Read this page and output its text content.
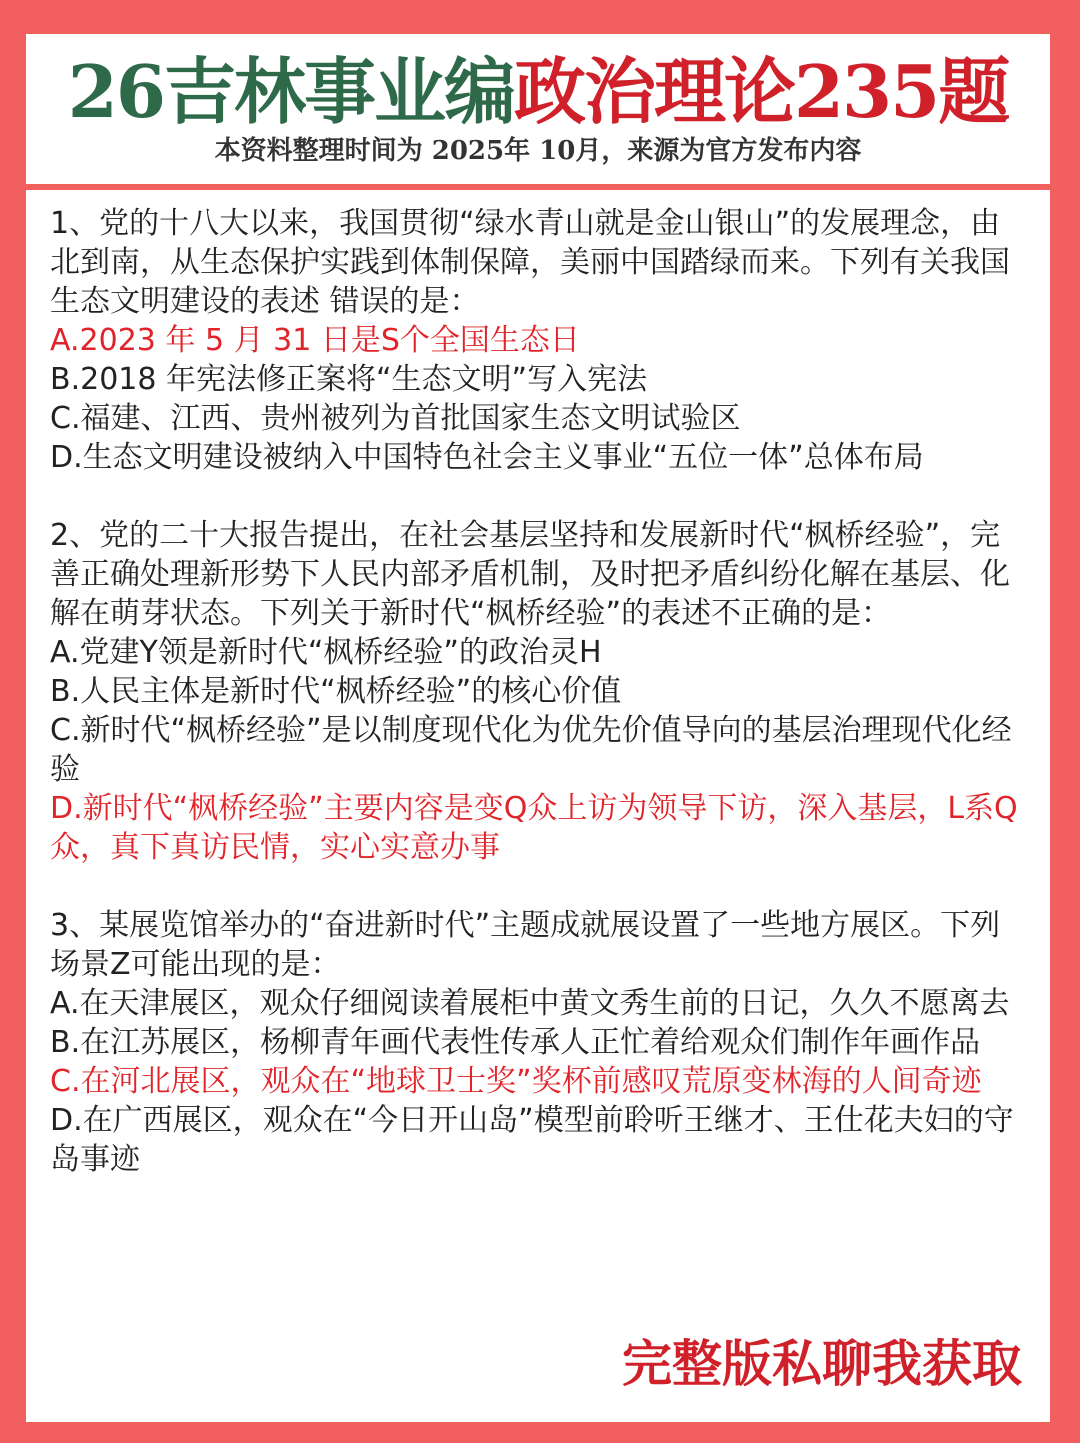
26吉林事业编政治理论235题
本资料整理时间为 2025年 10月，来源为官方发布内容
1、党的十八大以来，我国贯彻“绿水青山就是金山银山”的发展理念，由北到南，从生态保护实践到体制保障，美丽中国踏绿而来。下列有关我国生态文明建设的表述 错误的是：
A.2023 年 5 月 31 日是S个全国生态日
B.2018 年宪法修正案将“生态文明”写入宪法
C.福建、江西、贵州被列为首批国家生态文明试验区
D.生态文明建设被纳入中国特色社会主义事业“五位一体”总体布局
2、党的二十大报告提出，在社会基层坚持和发展新时代“枫桥经验”，完善正确处理新形势下人民内部矛盾机制，及时把矛盾纠纷化解在基层、化解在萌芽状态。下列关于新时代“枫桥经验”的表述不正确的是：
A.党建Y领是新时代“枫桥经验”的政治灵H
B.人民主体是新时代“枫桥经验”的核心价值
C.新时代“枫桥经验”是以制度现代化为优先价值导向的基层治理现代化经验
D.新时代“枫桥经验”主要内容是变Q众上访为领导下访，深入基层，L系Q众，真下真访民情，实心实意办事
3、某展览馆举办的“奋进新时代”主题成就展设置了一些地方展区。下列场景Z可能出现的是：
A.在天津展区，观众仔细阅读着展柜中黄文秀生前的日记，久久不愿离去
B.在江苏展区，杨柳青年画代表性传承人正忙着给观众们制作年画作品
C.在河北展区，观众在“地球卫士奖”奖杯前感叹荒原变林海的人间奇迹
D.在广西展区，观众在“今日开山岛”模型前聆听王继才、王仕花夫妇的守岛事迹
完整版私聊我获取
